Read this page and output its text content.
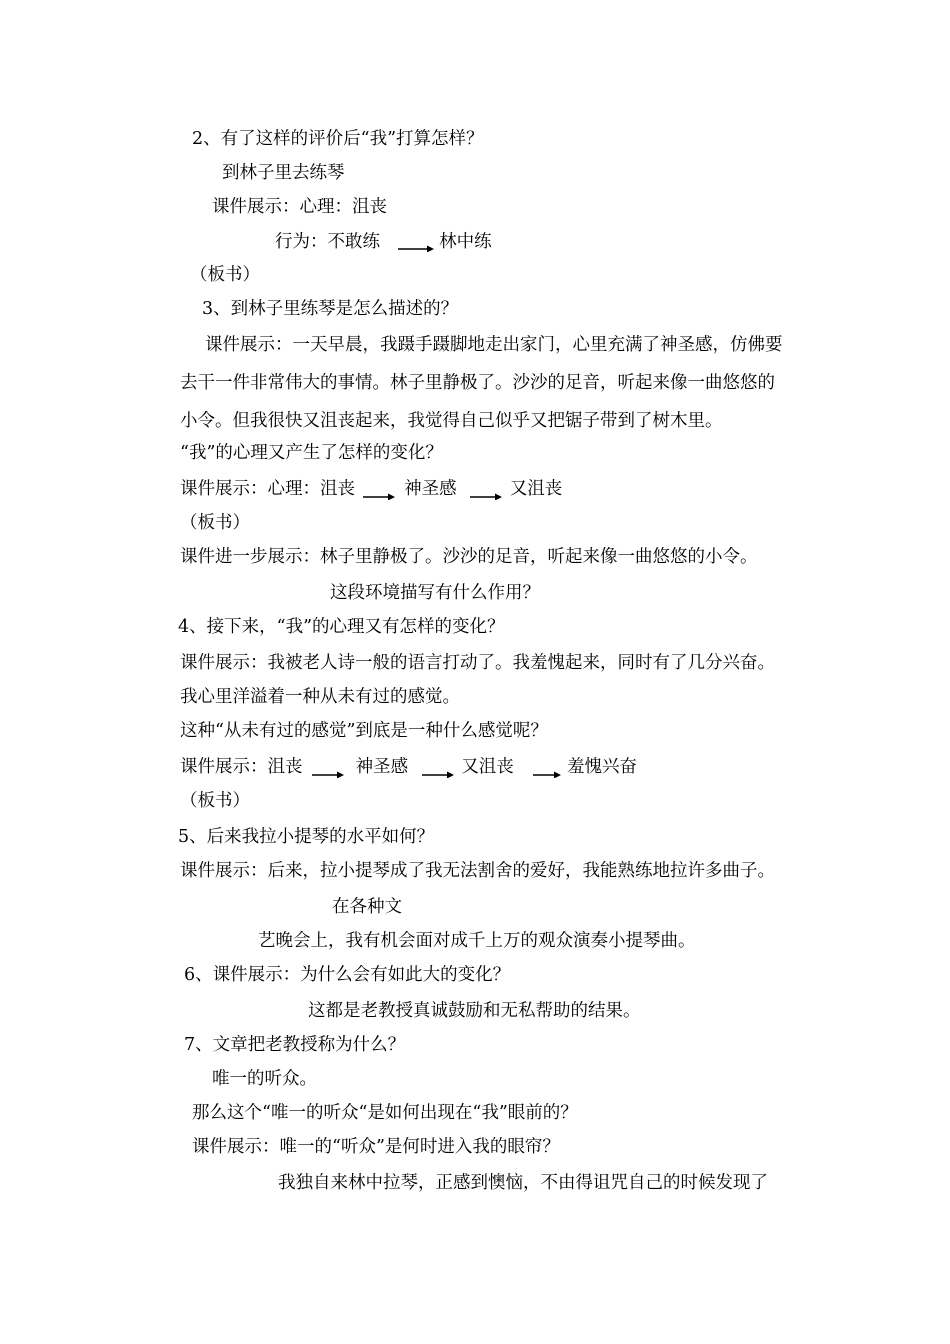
2、有了这样的评价后“我”打算怎样？
到林子里去练琴
课件展示：心理：沮丧
行为：不敢练	林中练
（板书）
3、到林子里练琴是怎么描述的？
课件展示：一天早晨，我蹑手蹑脚地走出家门，心里充满了神圣感，仿佛要
去干一件非常伟大的事情。林子里静极了。沙沙的足音，听起来像一曲悠悠的
小令。但我很快又沮丧起来，我觉得自己似乎又把锯子带到了树木里。
“我”的心理又产生了怎样的变化？
课件展示：心理：沮丧	神圣感	又沮丧
（板书）
课件进一步展示：林子里静极了。沙沙的足音，听起来像一曲悠悠的小令。
这段环境描写有什么作用？
4、接下来，“我”的心理又有怎样的变化？
课件展示：我被老人诗一般的语言打动了。我羞愧起来，同时有了几分兴奋。
我心里洋溢着一种从未有过的感觉。
这种“从未有过的感觉”到底是一种什么感觉呢？
课件展示：沮丧	神圣感	又沮丧	羞愧兴奋
（板书）
5、后来我拉小提琴的水平如何？
课件展示：后来，拉小提琴成了我无法割舍的爱好，我能熟练地拉许多曲子。
在各种文
艺晚会上，我有机会面对成千上万的观众演奏小提琴曲。
6、课件展示：为什么会有如此大的变化？
这都是老教授真诚鼓励和无私帮助的结果。
7、文章把老教授称为什么？
唯一的听众。
那么这个“唯一的听众“是如何出现在“我”眼前的？
课件展示：唯一的“听众”是何时进入我的眼帘？
我独自来林中拉琴，正感到懊恼，不由得诅咒自己的时候发现了
